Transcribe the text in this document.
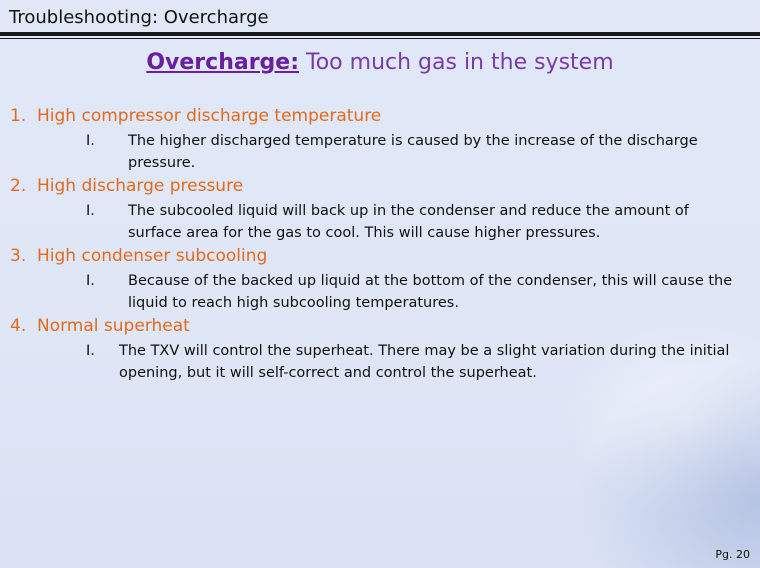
Troubleshooting: Overcharge
Overcharge: Too much gas in the system
1. High compressor discharge temperature
I. The higher discharged temperature is caused by the increase of the discharge pressure.
2. High discharge pressure
I. The subcooled liquid will back up in the condenser and reduce the amount of surface area for the gas to cool. This will cause higher pressures.
3. High condenser subcooling
I. Because of the backed up liquid at the bottom of the condenser, this will cause the liquid to reach high subcooling temperatures.
4. Normal superheat
I. The TXV will control the superheat. There may be a slight variation during the initial opening, but it will self-correct and control the superheat.
Pg. 20
